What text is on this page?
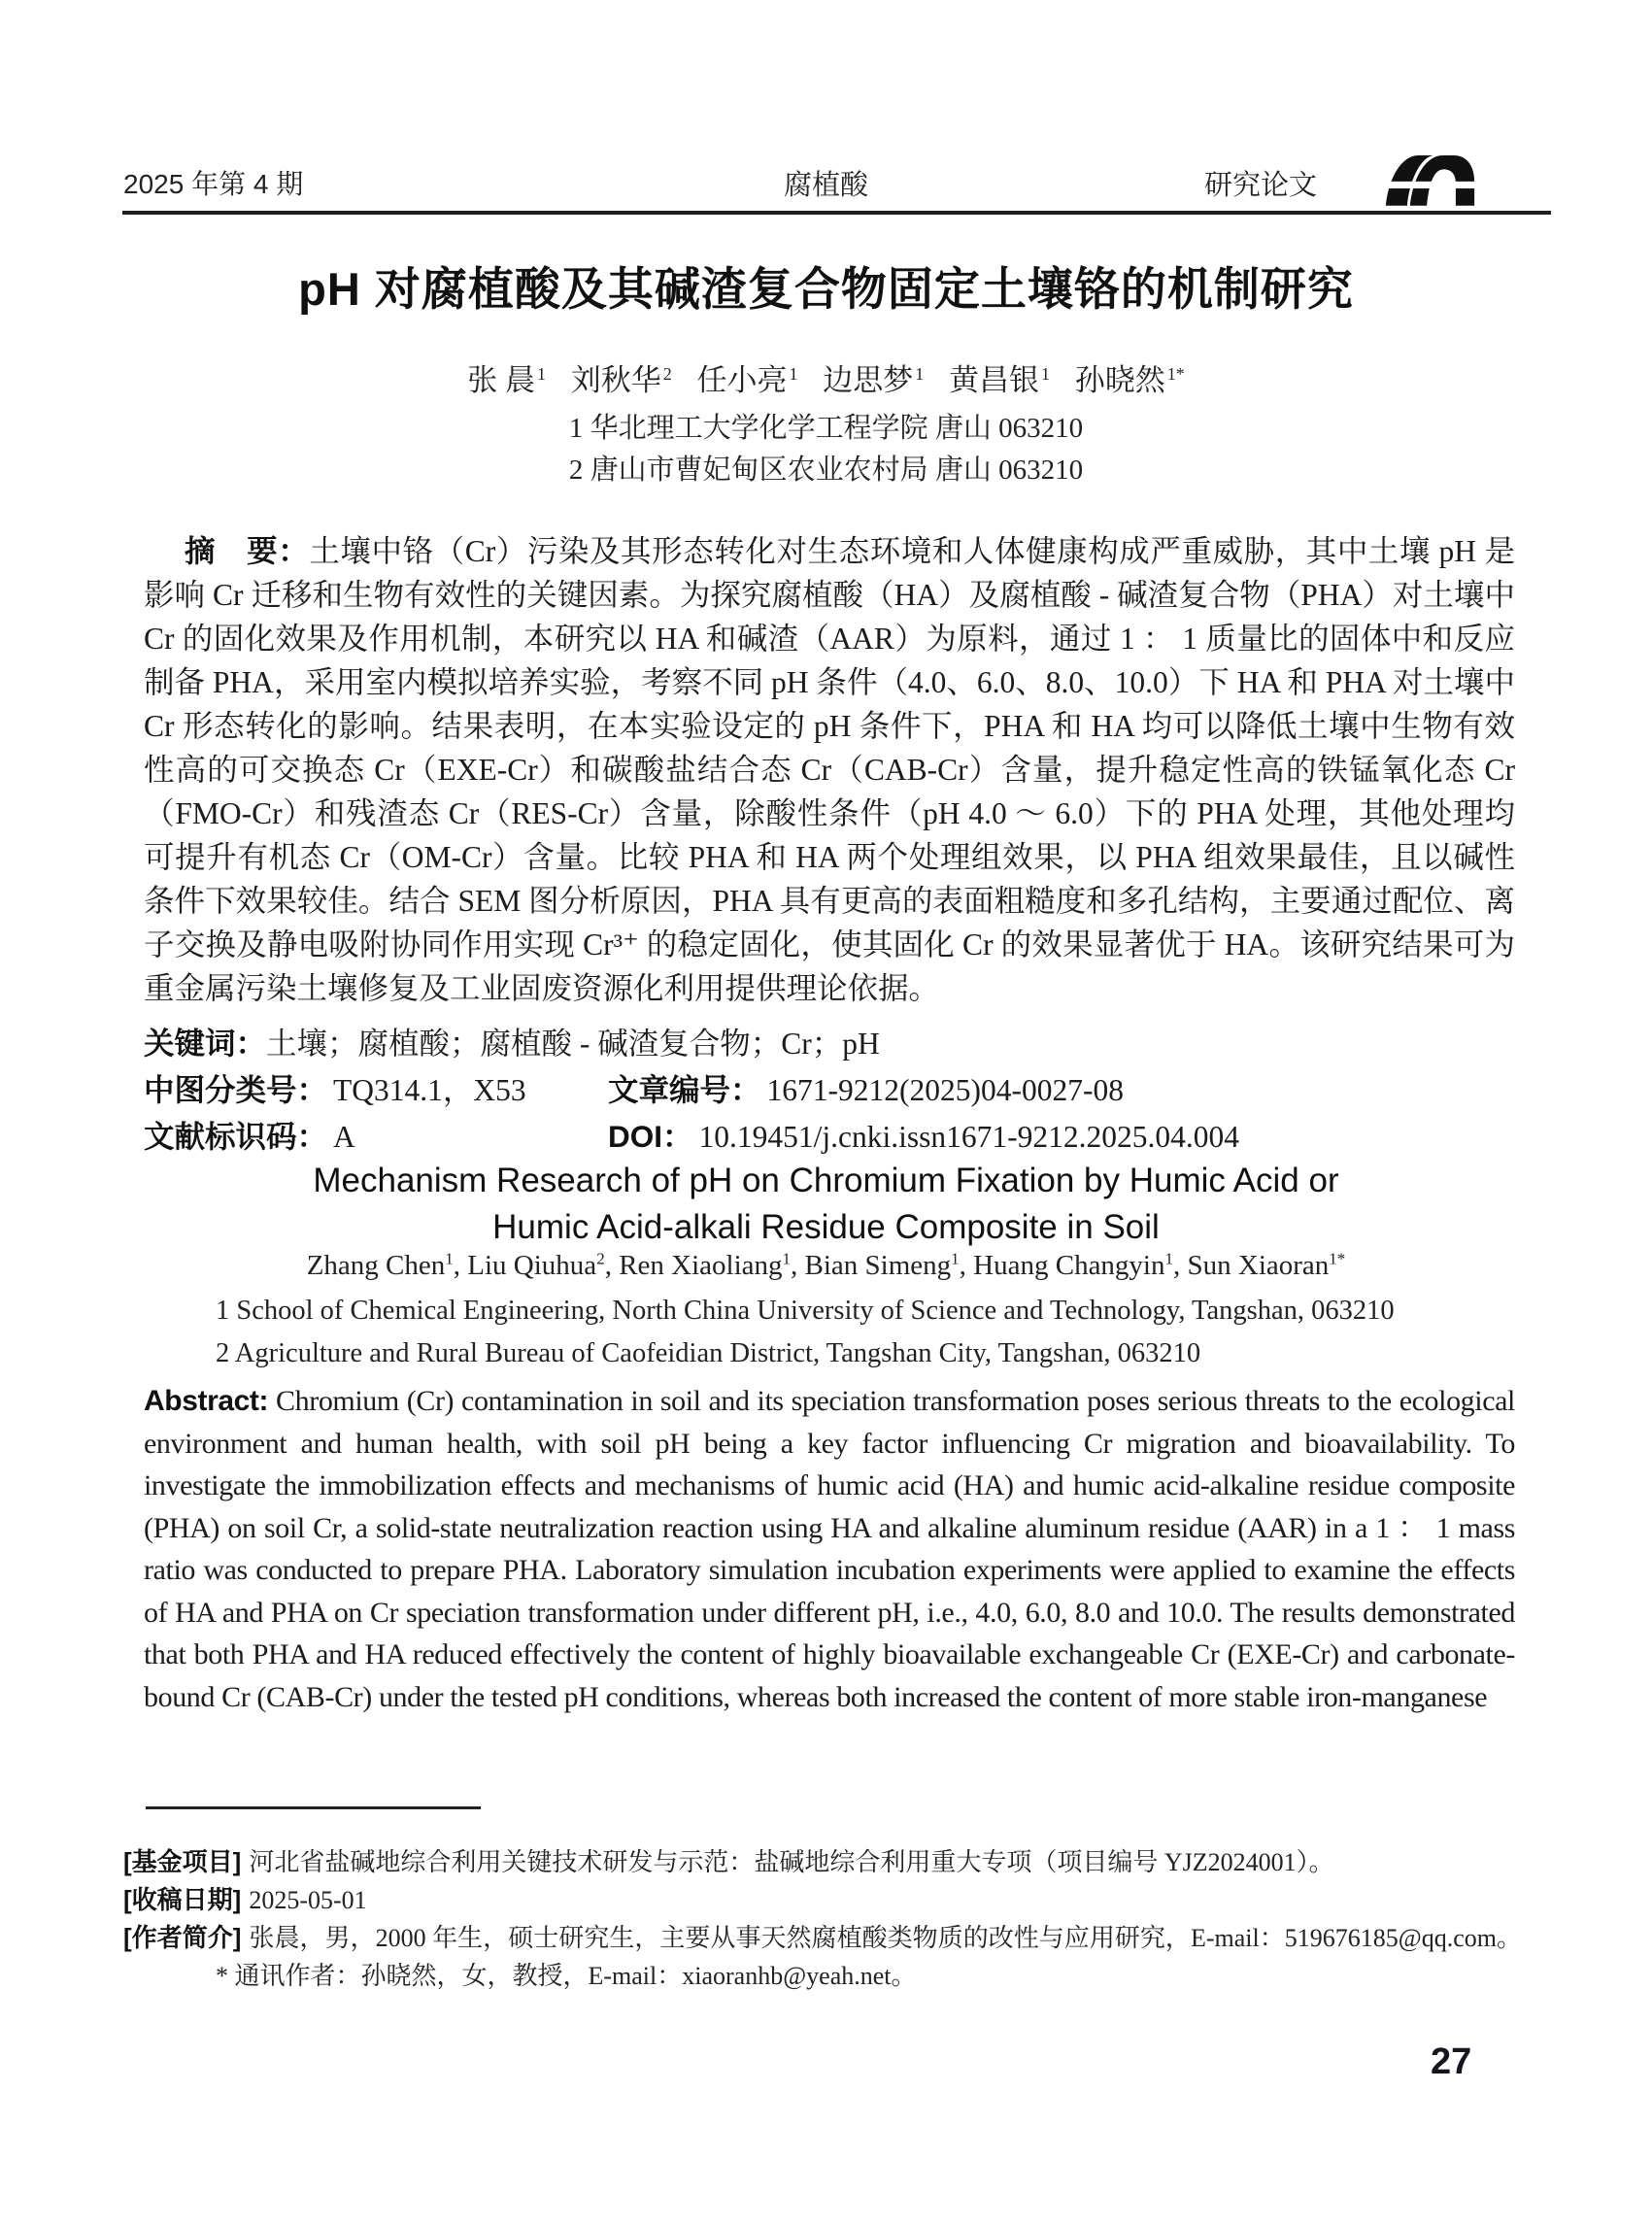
2025 年第 4 期	腐植酸	研究论文
pH 对腐植酸及其碱渣复合物固定土壤铬的机制研究
张 晨 $^1$ 刘秋华 $^2$ 任小亮 $^1$ 边思梦 $^1$ 黄昌银 $^1$ 孙晓然 $^{1*}$
1 华北理工大学化学工程学院 唐山 063210
2 唐山市曹妃甸区农业农村局 唐山 063210

摘　要：土壤中铬（Cr）污染及其形态转化对生态环境和人体健康构成严重威胁，其中土壤 pH 是影响 Cr 迁移和生物有效性的关键因素。为探究腐植酸（HA）及腐植酸 - 碱渣复合物（PHA）对土壤中 Cr 的固化效果及作用机制，本研究以 HA 和碱渣（AAR）为原料，通过 1 ： 1 质量比的固体中和反应制备 PHA，采用室内模拟培养实验，考察不同 pH 条件（4.0、6.0、8.0、10.0）下 HA 和 PHA 对土壤中 Cr 形态转化的影响。结果表明，在本实验设定的 pH 条件下，PHA 和 HA 均可以降低土壤中生物有效性高的可交换态 Cr（EXE-Cr）和碳酸盐结合态 Cr（CAB-Cr）含量，提升稳定性高的铁锰氧化态 Cr（FMO-Cr）和残渣态 Cr（RES-Cr）含量，除酸性条件（pH 4.0 ～ 6.0）下的 PHA 处理，其他处理均可提升有机态 Cr（OM-Cr）含量。比较 PHA 和 HA 两个处理组效果，以 PHA 组效果最佳，且以碱性条件下效果较佳。结合 SEM 图分析原因，PHA 具有更高的表面粗糙度和多孔结构，主要通过配位、离子交换及静电吸附协同作用实现 Cr³⁺ 的稳定固化，使其固化 Cr 的效果显著优于 HA。该研究结果可为重金属污染土壤修复及工业固废资源化利用提供理论依据。

关键词：土壤；腐植酸；腐植酸 - 碱渣复合物；Cr；pH
中图分类号： TQ314.1，X53	文章编号： 1671-9212(2025)04-0027-08
文献标识码： A	DOI： 10.19451/j.cnki.issn1671-9212.2025.04.004
Mechanism Research of pH on Chromium Fixation by Humic Acid or
Humic Acid-alkali Residue Composite in Soil
Zhang Chen$^1$ , Liu Qiuhua$^2$ , Ren Xiaoliang$^1$ , Bian Simeng$^1$ , Huang Changyin$^1$ , Sun Xiaoran$^{1*}$
1 School of Chemical Engineering, North China University of Science and Technology, Tangshan, 063210
2 Agriculture and Rural Bureau of Caofeidian District, Tangshan City, Tangshan, 063210

Abstract: Chromium (Cr) contamination in soil and its speciation transformation poses serious threats to the ecological environment and human health, with soil pH being a key factor influencing Cr migration and bioavailability. To investigate the immobilization effects and mechanisms of humic acid (HA) and humic acid-alkaline residue composite (PHA) on soil Cr, a solid-state neutralization reaction using HA and alkaline aluminum residue (AAR) in a 1 ： 1 mass ratio was conducted to prepare PHA. Laboratory simulation incubation experiments were applied to examine the effects of HA and PHA on Cr speciation transformation under different pH, i.e., 4.0, 6.0, 8.0 and 10.0. The results demonstrated that both PHA and HA reduced effectively the content of highly bioavailable exchangeable Cr (EXE-Cr) and carbonate-bound Cr (CAB-Cr) under the tested pH conditions, whereas both increased the content of more stable iron-manganese

[基金项目] 河北省盐碱地综合利用关键技术研发与示范：盐碱地综合利用重大专项（项目编号 YJZ2024001）。
[收稿日期] 2025-05-01
[作者简介] 张晨，男，2000 年生，硕士研究生，主要从事天然腐植酸类物质的改性与应用研究，E-mail：519676185@qq.com。* 通讯作者：孙晓然，女，教授，E-mail：xiaoranhb@yeah.net。
27
